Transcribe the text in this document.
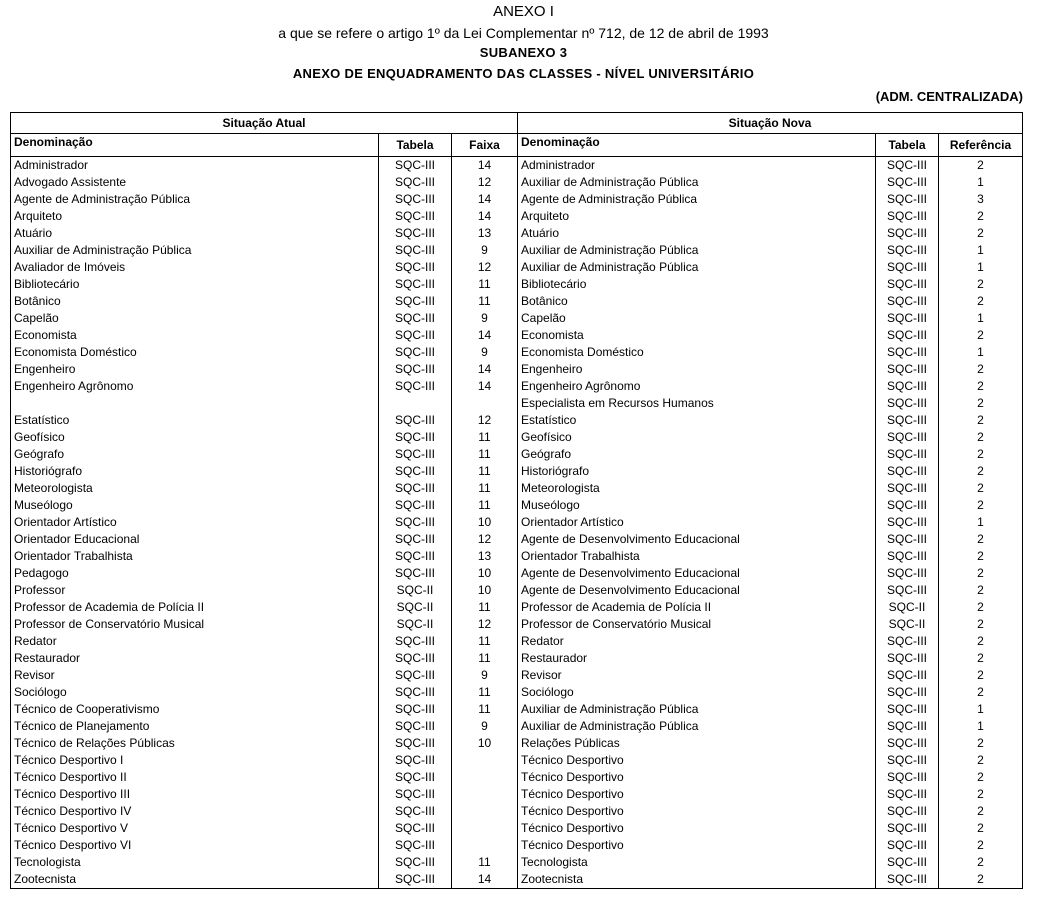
ANEXO I
a que se refere o artigo 1º da Lei Complementar nº 712, de 12 de abril de 1993
SUBANEXO 3
ANEXO DE ENQUADRAMENTO DAS CLASSES - NÍVEL UNIVERSITÁRIO
(ADM. CENTRALIZADA)
Situação Atual			Situação Nova		
Denominação	Tabela	Faixa	Denominação	Tabela	Referência
Administrador	SQC-III	14	Administrador	SQC-III	2
Advogado Assistente	SQC-III	12	Auxiliar de Administração Pública	SQC-III	1
Agente de Administração Pública	SQC-III	14	Agente de Administração Pública	SQC-III	3
Arquiteto	SQC-III	14	Arquiteto	SQC-III	2
Atuário	SQC-III	13	Atuário	SQC-III	2
Auxiliar de Administração Pública	SQC-III	9	Auxiliar de Administração Pública	SQC-III	1
Avaliador de Imóveis	SQC-III	12	Auxiliar de Administração Pública	SQC-III	1
Bibliotecário	SQC-III	11	Bibliotecário	SQC-III	2
Botânico	SQC-III	11	Botânico	SQC-III	2
Capelão	SQC-III	9	Capelão	SQC-III	1
Economista	SQC-III	14	Economista	SQC-III	2
Economista Doméstico	SQC-III	9	Economista Doméstico	SQC-III	1
Engenheiro	SQC-III	14	Engenheiro	SQC-III	2
Engenheiro Agrônomo	SQC-III	14	Engenheiro Agrônomo	SQC-III	2
			Especialista em Recursos Humanos	SQC-III	2
Estatístico	SQC-III	12	Estatístico	SQC-III	2
Geofísico	SQC-III	11	Geofísico	SQC-III	2
Geógrafo	SQC-III	11	Geógrafo	SQC-III	2
Historiógrafo	SQC-III	11	Historiógrafo	SQC-III	2
Meteorologista	SQC-III	11	Meteorologista	SQC-III	2
Museólogo	SQC-III	11	Museólogo	SQC-III	2
Orientador Artístico	SQC-III	10	Orientador Artístico	SQC-III	1
Orientador Educacional	SQC-III	12	Agente de Desenvolvimento Educacional	SQC-III	2
Orientador Trabalhista	SQC-III	13	Orientador Trabalhista	SQC-III	2
Pedagogo	SQC-III	10	Agente de Desenvolvimento Educacional	SQC-III	2
Professor	SQC-II	10	Agente de Desenvolvimento Educacional	SQC-III	2
Professor de Academia de Polícia II	SQC-II	11	Professor de Academia de Polícia II	SQC-II	2
Professor de Conservatório Musical	SQC-II	12	Professor de Conservatório Musical	SQC-II	2
Redator	SQC-III	11	Redator	SQC-III	2
Restaurador	SQC-III	11	Restaurador	SQC-III	2
Revisor	SQC-III	9	Revisor	SQC-III	2
Sociólogo	SQC-III	11	Sociólogo	SQC-III	2
Técnico de Cooperativismo	SQC-III	11	Auxiliar de Administração Pública	SQC-III	1
Técnico de Planejamento	SQC-III	9	Auxiliar de Administração Pública	SQC-III	1
Técnico de Relações Públicas	SQC-III	10	Relações Públicas	SQC-III	2
Técnico Desportivo I	SQC-III		Técnico Desportivo	SQC-III	2
Técnico Desportivo II	SQC-III		Técnico Desportivo	SQC-III	2
Técnico Desportivo III	SQC-III		Técnico Desportivo	SQC-III	2
Técnico Desportivo IV	SQC-III		Técnico Desportivo	SQC-III	2
Técnico Desportivo V	SQC-III		Técnico Desportivo	SQC-III	2
Técnico Desportivo VI	SQC-III		Técnico Desportivo	SQC-III	2
Tecnologista	SQC-III	11	Tecnologista	SQC-III	2
Zootecnista	SQC-III	14	Zootecnista	SQC-III	2
